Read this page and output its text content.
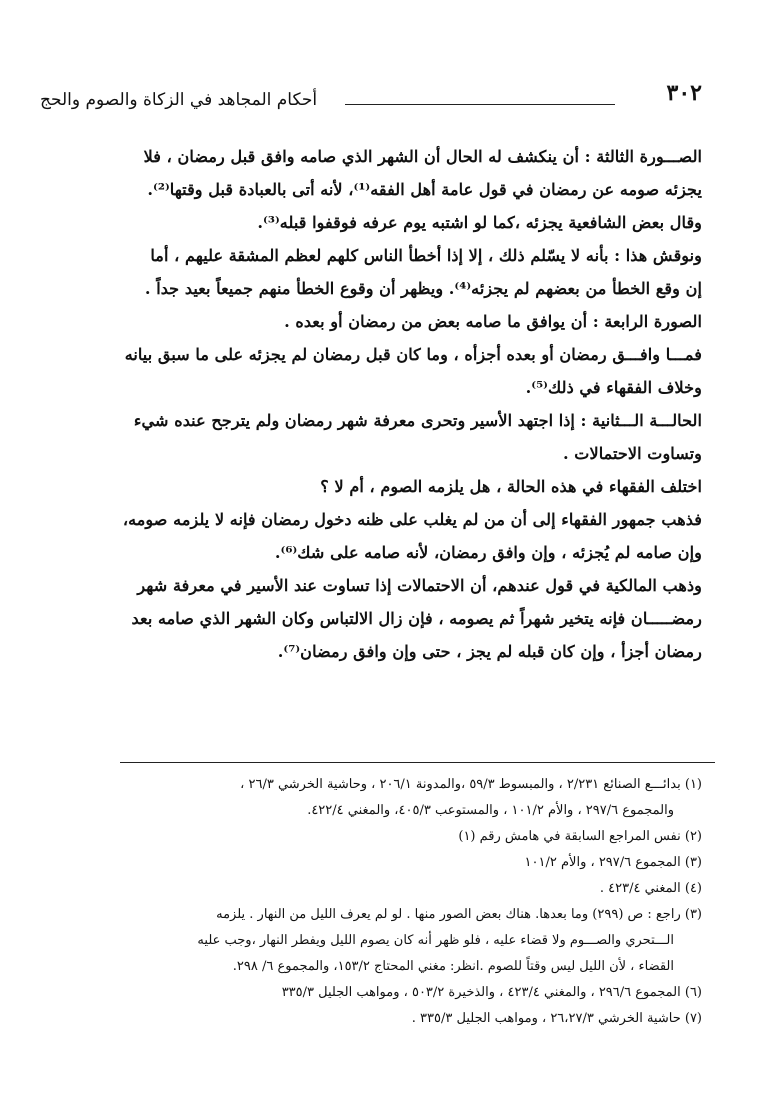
٣٠٢
أحكام المجاهد في الزكاة والصوم والحج
الصـــورة الثالثة : أن ينكشف له الحال أن الشهر الذي صامه وافق قبل رمضان ، فلا
يجزئه صومه عن رمضان في قول عامة أهل الفقه⁽¹⁾، لأنه أتى بالعبادة قبل وقتها⁽²⁾.
وقال بعض الشافعية يجزئه ،كما لو اشتبه يوم عرفه فوقفوا قبله⁽³⁾.
ونوقش هذا : بأنه لا يسّلم ذلك ، إلا إذا أخطأ الناس كلهم لعظم المشقة عليهم ، أما
إن وقع الخطأ من بعضهم لم يجزئه⁽⁴⁾. ويظهر أن وقوع الخطأ منهم جميعاً بعيد جداً .
الصورة الرابعة : أن يوافق ما صامه بعض من رمضان أو بعده .
فمـــا وافـــق رمضان أو بعده أجزأه ، وما كان قبل رمضان لم يجزئه على ما سبق بيانه
وخلاف الفقهاء في ذلك⁽⁵⁾.
الحالـــة الـــثانية : إذا اجتهد الأسير وتحرى معرفة شهر رمضان ولم يترجح عنده شيء
وتساوت الاحتمالات .
اختلف الفقهاء في هذه الحالة ، هل يلزمه الصوم ، أم لا ؟
فذهب جمهور الفقهاء إلى أن من لم يغلب على ظنه دخول رمضان فإنه لا يلزمه صومه،
وإن صامه لم يُجزئه ، وإن وافق رمضان، لأنه صامه على شك⁽⁶⁾.
وذهب المالكية في قول عندهم، أن الاحتمالات إذا تساوت عند الأسير في معرفة شهر
رمضـــــان فإنه يتخير شهراً ثم يصومه ، فإن زال الالتباس وكان الشهر الذي صامه بعد
رمضان أجزأ ، وإن كان قبله لم يجز ، حتى وإن وافق رمضان⁽⁷⁾.
(١) بدائـــع الصنائع ٢/٢٣١ ، والمبسوط ٥٩/٣ ،والمدونة ٢٠٦/١ ، وحاشية الخرشي ٢٦/٣ ،
والمجموع ٢٩٧/٦ ، والأم ١٠١/٢ ، والمستوعب ٤٠٥/٣، والمغني ٤٢٢/٤.
(٢) نفس المراجع السابقة في هامش رقم (١)
(٣) المجموع ٢٩٧/٦ ، والأم ١٠١/٢
(٤) المغني ٤٢٣/٤ .
(٣) راجع : ص (٢٩٩) وما بعدها. هناك بعض الصور منها . لو لم يعرف الليل من النهار . يلزمه
الـــتحري والصـــوم ولا قضاء عليه ، فلو ظهر أنه كان يصوم الليل ويفطر النهار ،وجب عليه
القضاء ، لأن الليل ليس وقتاً للصوم .انظر: مغني المحتاج ١٥٣/٢، والمجموع ٦/ ٢٩٨.
(٦) المجموع ٢٩٦/٦ ، والمغني ٤٢٣/٤ ، والذخيرة ٥٠٣/٢ ، ومواهب الجليل ٣٣٥/٣
(٧) حاشية الخرشي ٢٦،٢٧/٣ ، ومواهب الجليل ٣٣٥/٣ .
